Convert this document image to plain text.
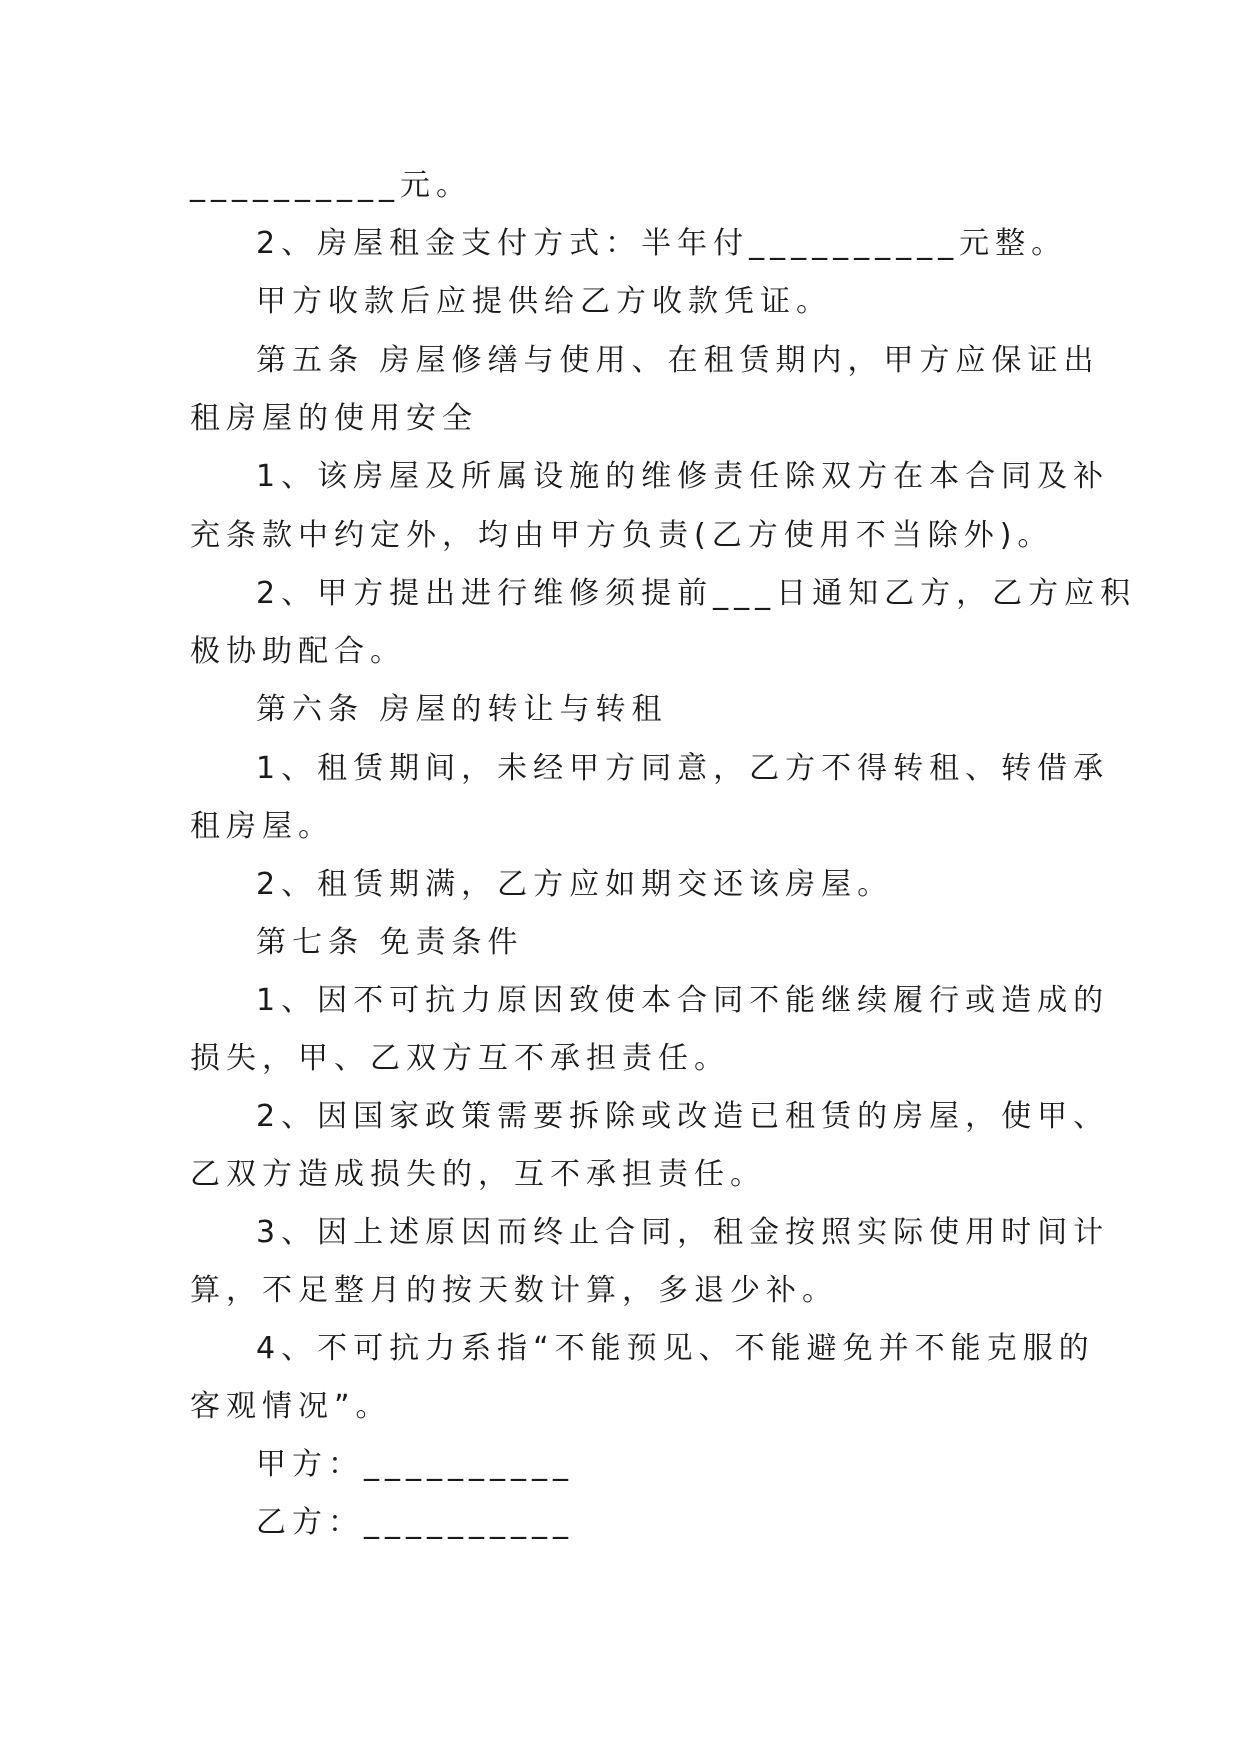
__________元。
2、房屋租金支付方式：半年付__________元整。
甲方收款后应提供给乙方收款凭证。
第五条 房屋修缮与使用、在租赁期内，甲方应保证出
租房屋的使用安全
1、该房屋及所属设施的维修责任除双方在本合同及补
充条款中约定外，均由甲方负责(乙方使用不当除外)。
2、甲方提出进行维修须提前___日通知乙方，乙方应积
极协助配合。
第六条 房屋的转让与转租
1、租赁期间，未经甲方同意，乙方不得转租、转借承
租房屋。
2、租赁期满，乙方应如期交还该房屋。
第七条 免责条件
1、因不可抗力原因致使本合同不能继续履行或造成的
损失，甲、乙双方互不承担责任。
2、因国家政策需要拆除或改造已租赁的房屋，使甲、
乙双方造成损失的，互不承担责任。
3、因上述原因而终止合同，租金按照实际使用时间计
算，不足整月的按天数计算，多退少补。
4、不可抗力系指“不能预见、不能避免并不能克服的
客观情况”。
甲方：__________
乙方：__________
